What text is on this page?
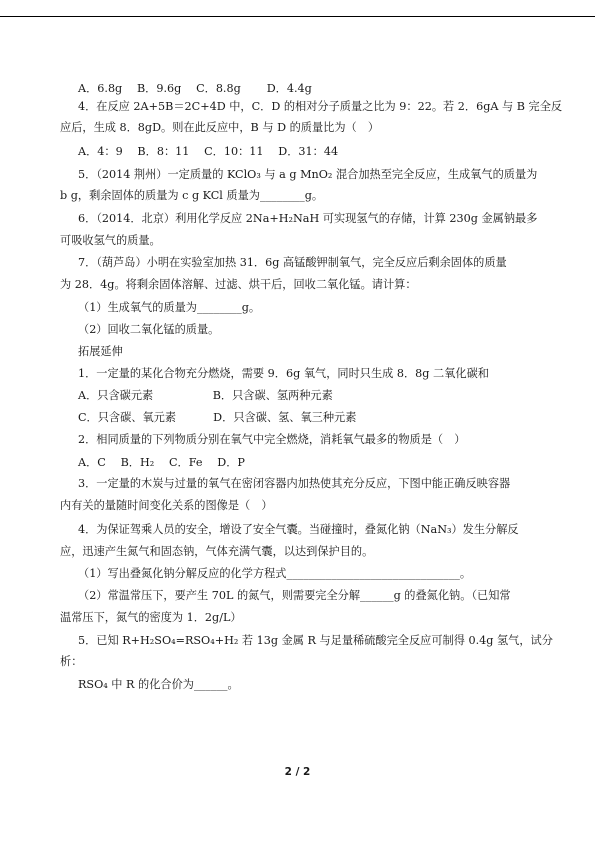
A．6.8g　 B．9.6g　 C．8.8g　　 D．4.4g
4．在反应 2A+5B＝2C+4D 中，C．D 的相对分子质量之比为 9：22。若 2．6gA 与 B 完全反
应后，生成 8．8gD。则在此反应中，B 与 D 的质量比为（　）
A．4：9　 B．8：11　 C．10：11　 D．31：44
5．（2014 荆州）一定质量的 KClO₃ 与 a g MnO₂ 混合加热至完全反应，生成氧气的质量为
b g，剩余固体的质量为 c g KCl 质量为________g。
6．（2014．北京）利用化学反应 2Na+H₂NaH 可实现氢气的存储，计算 230g 金属钠最多
可吸收氢气的质量。
7．（葫芦岛）小明在实验室加热 31．6g 高锰酸钾制氧气，完全反应后剩余固体的质量
为 28．4g。将剩余固体溶解、过滤、烘干后，回收二氧化锰。请计算：
（1）生成氧气的质量为________g。
（2）回收二氧化锰的质量。
拓展延伸
1．一定量的某化合物充分燃烧，需要 9．6g 氧气，同时只生成 8．8g 二氧化碳和
A．只含碳元素　　　　　 B．只含碳、氢两种元素
C．只含碳、氧元素　　　 D．只含碳、氢、氧三种元素
2．相同质量的下列物质分别在氧气中完全燃烧，消耗氧气最多的物质是（　）
A．C　 B．H₂　 C．Fe　 D．P
3．一定量的木炭与过量的氧气在密闭容器内加热使其充分反应，下图中能正确反映容器
内有关的量随时间变化关系的图像是（　）
4．为保证驾乘人员的安全，增设了安全气囊。当碰撞时，叠氮化钠（NaN₃）发生分解反
应，迅速产生氮气和固态钠，气体充满气囊，以达到保护目的。
（1）写出叠氮化钠分解反应的化学方程式_______________________________。
（2）常温常压下，要产生 70L 的氮气，则需要完全分解______g 的叠氮化钠。（已知常
温常压下，氮气的密度为 1．2g/L）
5．已知 R+H₂SO₄=RSO₄+H₂ 若 13g 金属 R 与足量稀硫酸完全反应可制得 0.4g 氢气，试分
析：
RSO₄ 中 R 的化合价为______。
2 / 2
